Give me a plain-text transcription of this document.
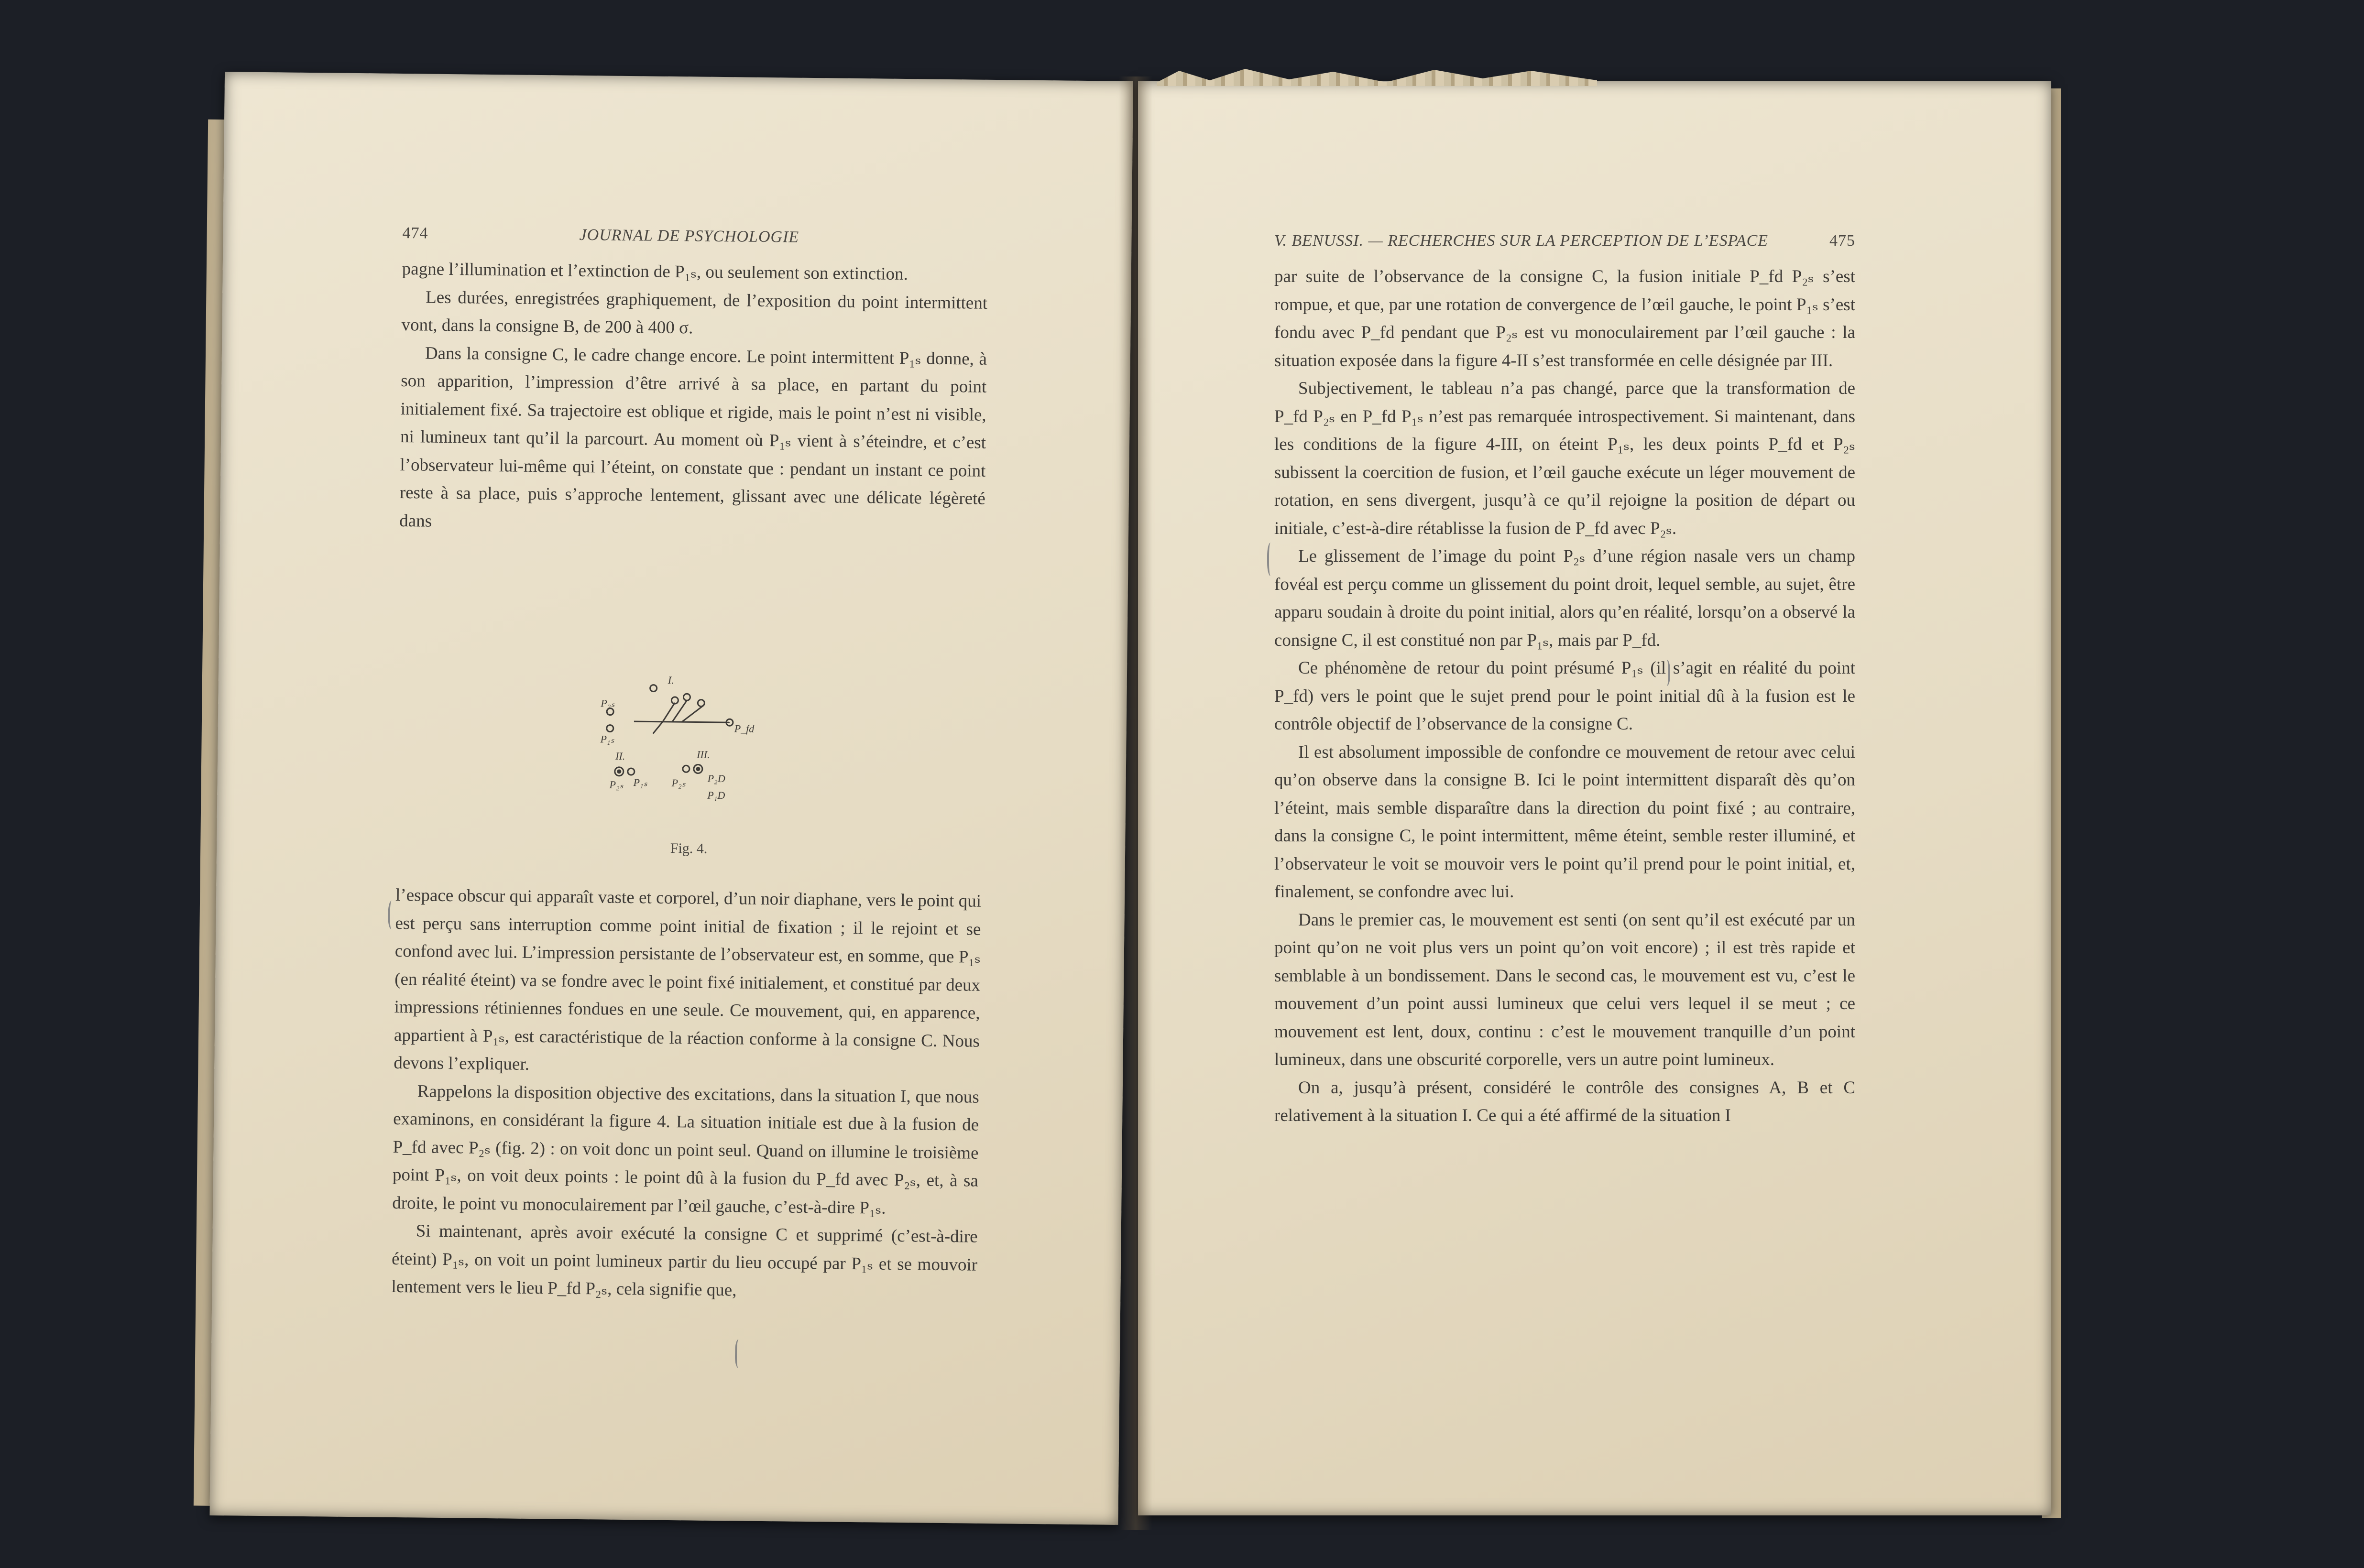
474	JOURNAL DE PSYCHOLOGIE

pagne l’illumination et l’extinction de P₁ₛ, ou seulement son extinction.

Les durées, enregistrées graphiquement, de l’exposition du point intermittent vont, dans la consigne B, de 200 à 400 σ.

Dans la consigne C, le cadre change encore. Le point intermittent P₁ₛ donne, à son apparition, l’impression d’être arrivé à sa place, en partant du point initialement fixé. Sa trajectoire est oblique et rigide, mais le point n’est ni visible, ni lumineux tant qu’il la parcourt. Au moment où P₁ₛ vient à s’éteindre, et c’est l’observateur lui-même qui l’éteint, on constate que : pendant un instant ce point reste à sa place, puis s’approche lentement, glissant avec une délicate légèreté dans

I.
II.	III.
P₂ₛ
P₁ₛ
P_fd
P₂ₛ P₁ₛ P₂ₛ P₂D
P₁D
Fig. 4.

l’espace obscur qui apparaît vaste et corporel, d’un noir diaphane, vers le point qui est perçu sans interruption comme point initial de fixation ; il le rejoint et se confond avec lui. L’impression persistante de l’observateur est, en somme, que P₁ₛ (en réalité éteint) va se fondre avec le point fixé initialement, et constitué par deux impressions rétiniennes fondues en une seule. Ce mouvement, qui, en apparence, appartient à P₁ₛ, est caractéristique de la réaction conforme à la consigne C. Nous devons l’expliquer.

Rappelons la disposition objective des excitations, dans la situation I, que nous examinons, en considérant la figure 4. La situation initiale est due à la fusion de P_fd avec P₂ₛ (fig. 2) : on voit donc un point seul. Quand on illumine le troisième point P₁ₛ, on voit deux points : le point dû à la fusion du P_fd avec P₂ₛ, et, à sa droite, le point vu monoculairement par l’œil gauche, c’est-à-dire P₁ₛ.

Si maintenant, après avoir exécuté la consigne C et supprimé (c’est-à-dire éteint) P₁ₛ, on voit un point lumineux partir du lieu occupé par P₁ₛ et se mouvoir lentement vers le lieu P_fd P₂ₛ, cela signifie que,

V. BENUSSI. — RECHERCHES SUR LA PERCEPTION DE L’ESPACE	475

par suite de l’observance de la consigne C, la fusion initiale P_fd P₂ₛ s’est rompue, et que, par une rotation de convergence de l’œil gauche, le point P₁ₛ s’est fondu avec P_fd pendant que P₂ₛ est vu monoculairement par l’œil gauche : la situation exposée dans la figure 4-II s’est transformée en celle désignée par III.

Subjectivement, le tableau n’a pas changé, parce que la transformation de P_fd P₂ₛ en P_fd P₁ₛ n’est pas remarquée introspectivement. Si maintenant, dans les conditions de la figure 4-III, on éteint P₁ₛ, les deux points P_fd et P₂ₛ subissent la coercition de fusion, et l’œil gauche exécute un léger mouvement de rotation, en sens divergent, jusqu’à ce qu’il rejoigne la position de départ ou initiale, c’est-à-dire rétablisse la fusion de P_fd avec P₂ₛ.

Le glissement de l’image du point P₂ₛ d’une région nasale vers un champ fovéal est perçu comme un glissement du point droit, lequel semble, au sujet, être apparu soudain à droite du point initial, alors qu’en réalité, lorsqu’on a observé la consigne C, il est constitué non par P₁ₛ, mais par P_fd.

Ce phénomène de retour du point présumé P₁ₛ (il s’agit en réalité du point P_fd) vers le point que le sujet prend pour le point initial dû à la fusion est le contrôle objectif de l’observance de la consigne C.

Il est absolument impossible de confondre ce mouvement de retour avec celui qu’on observe dans la consigne B. Ici le point intermittent disparaît dès qu’on l’éteint, mais semble disparaître dans la direction du point fixé ; au contraire, dans la consigne C, le point intermittent, même éteint, semble rester illuminé, et l’observateur le voit se mouvoir vers le point qu’il prend pour le point initial, et, finalement, se confondre avec lui.

Dans le premier cas, le mouvement est senti (on sent qu’il est exécuté par un point qu’on ne voit plus vers un point qu’on voit encore) ; il est très rapide et semblable à un bondissement. Dans le second cas, le mouvement est vu, c’est le mouvement d’un point aussi lumineux que celui vers lequel il se meut ; ce mouvement est lent, doux, continu : c’est le mouvement tranquille d’un point lumineux, dans une obscurité corporelle, vers un autre point lumineux.

On a, jusqu’à présent, considéré le contrôle des consignes A, B et C relativement à la situation I. Ce qui a été affirmé de la situation I
